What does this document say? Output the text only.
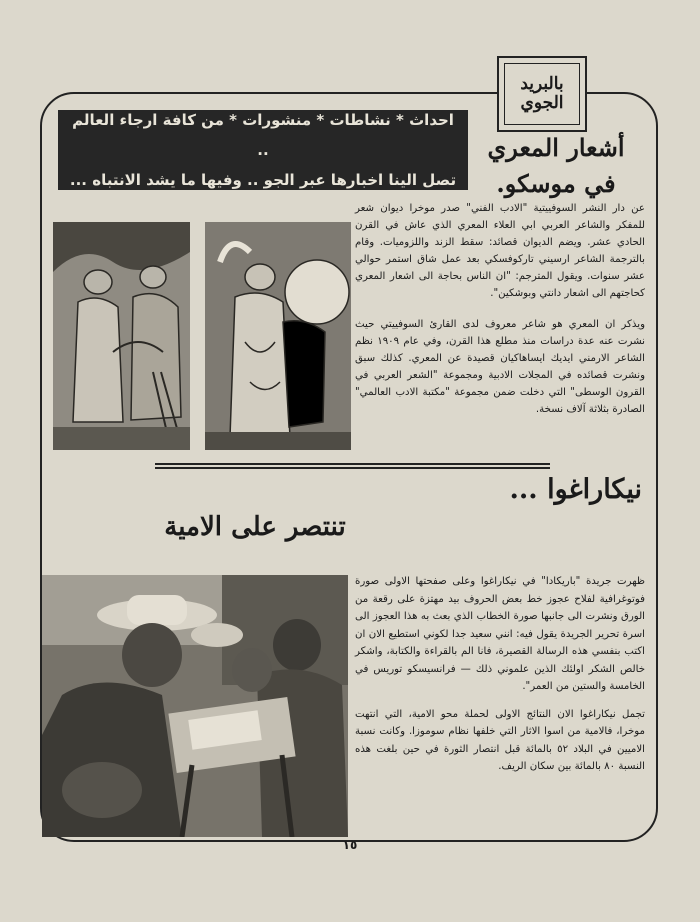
بالبريد الجوي
احداث * نشاطات * منشورات * من كافة ارجاء العالم ..
تصل الينا اخبارها عبر الجو .. وفيها ما يشد الانتباه ...
أشعار المعري
في موسكو.

عن دار النشر السوفييتية "الادب الفني" صدر موخرا ديوان شعر للمفكر والشاعر العربي ابي العلاء المعري الذي عاش في القرن الحادي عشر. ويضم الديوان قصائد: سقط الزند واللزوميات. وقام بالترجمة الشاعر ارسيني تاركوفسكي بعد عمل شاق استمر حوالي عشر سنوات. ويقول المترجم: "ان الناس بحاجة الى اشعار المعري كحاجتهم الى اشعار دانتي وبوشكين".

ويذكر ان المعري هو شاعر معروف لدى القارئ السوفييتي حيث نشرت عنه عدة دراسات منذ مطلع هذا القرن، وفي عام ١٩٠٩ نظم الشاعر الارمني ايديك ايساهاكيان قصيدة عن المعري. كذلك سبق ونشرت قصائده في المجلات الادبية ومجموعة "الشعر العربي في القرون الوسطى" التي دخلت ضمن مجموعة "مكتبة الادب العالمي" الصادرة بثلاثة آلاف نسخة.

نيكاراغوا ...
تنتصر على الامية

ظهرت جريدة "باريكادا" في نيكاراغوا وعلى صفحتها الاولى صورة فوتوغرافية لفلاح عجوز خط بعض الحروف بيد مهتزة على رقعة من الورق ونشرت الى جانبها صورة الخطاب الذي بعث به هذا العجوز الى اسرة تحرير الجريدة يقول فيه: انني سعيد جدا لكوني استطيع الان ان اكتب بنفسي هذه الرسالة القصيرة، فانا الم بالقراءة والكتابة، واشكر خالص الشكر اولئك الذين علموني ذلك — فرانسيسكو توريس في الخامسة والستين من العمر".

تجمل نيكاراغوا الان النتائج الاولى لحملة محو الامية، التي انتهت موخرا، فالامية من اسوا الاثار التي خلفها نظام سوموزا. وكانت نسبة الاميين في البلاد ٥٢ بالمائة قبل انتصار الثورة في حين بلغت هذه النسبة ٨٠ بالمائة بين سكان الريف.

١٥
